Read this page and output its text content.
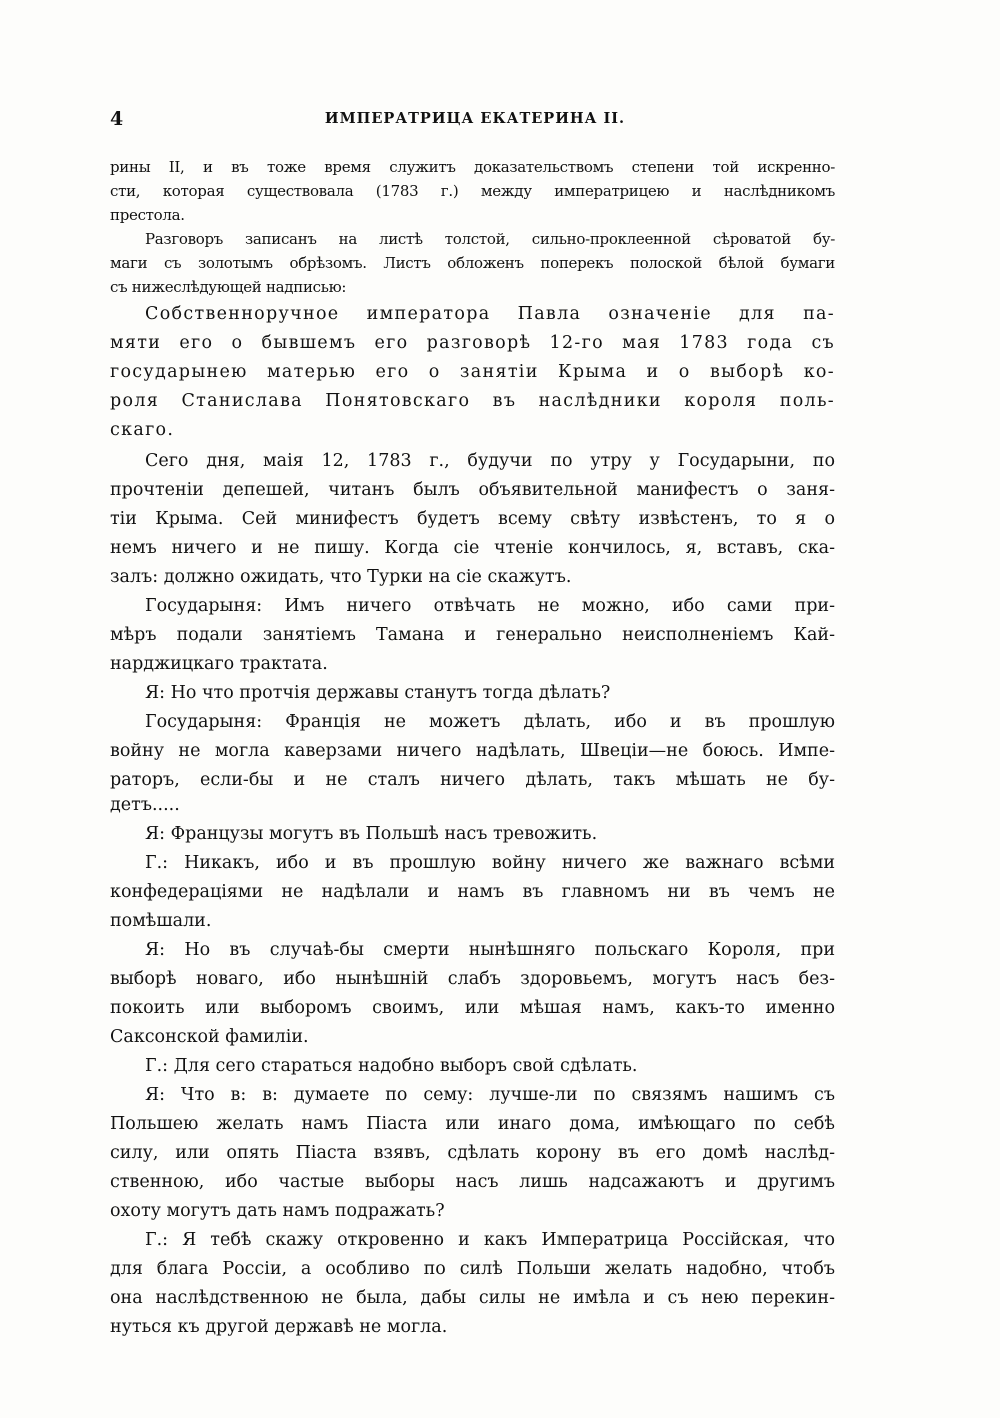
4	ИМПЕРАТРИЦА ЕКАТЕРИНА II.
рины II, и въ тоже время служитъ доказательствомъ степени той искренно-
сти, которая существовала (1783 г.) между императрицею и наслѣдникомъ
престола.
Разговоръ записанъ на листѣ толстой, сильно-проклеенной сѣроватой бу-
маги съ золотымъ обрѣзомъ. Листъ обложенъ поперекъ полоской бѣлой бумаги
съ нижеслѣдующей надписью:
Собственноручное императора Павла означеніе для па-
мяти его о бывшемъ его разговорѣ 12-го мая 1783 года съ
государынею матерью его о занятіи Крыма и о выборѣ ко-
роля Станислава Понятовскаго въ наслѣдники короля поль-
скаго.
Сего дня, маія 12, 1783 г., будучи по утру у Государыни, по
прочтеніи депешей, читанъ былъ объявительной манифестъ о заня-
тіи Крыма. Сей минифестъ будетъ всему свѣту извѣстенъ, то я о
немъ ничего и не пишу. Когда сіе чтеніе кончилось, я, вставъ, ска-
залъ: должно ожидать, что Турки на сіе скажутъ.
Государыня: Имъ ничего отвѣчать не можно, ибо сами при-
мѣръ подали занятіемъ Тамана и генерально неисполненіемъ Кай-
нарджицкаго трактата.
Я: Но что протчія державы станутъ тогда дѣлать?
Государыня: Франція не можетъ дѣлать, ибо и въ прошлую
войну не могла каверзами ничего надѣлать, Швеціи—не боюсь. Импе-
раторъ, если-бы и не сталъ ничего дѣлать, такъ мѣшать не бу-
детъ.....
Я: Французы могутъ въ Польшѣ насъ тревожить.
Г.: Никакъ, ибо и въ прошлую войну ничего же важнаго всѣми
конфедераціями не надѣлали и намъ въ главномъ ни въ чемъ не
помѣшали.
Я: Но въ случаѣ-бы смерти нынѣшняго польскаго Короля, при
выборѣ новаго, ибо нынѣшній слабъ здоровьемъ, могутъ насъ без-
покоить или выборомъ своимъ, или мѣшая намъ, какъ-то именно
Саксонской фамиліи.
Г.: Для сего стараться надобно выборъ свой сдѣлать.
Я: Что в: в: думаете по сему: лучше-ли по связямъ нашимъ съ
Польшею желать намъ Піаста или инаго дома, имѣющаго по себѣ
силу, или опять Піаста взявъ, сдѣлать корону въ его домѣ наслѣд-
ственною, ибо частые выборы насъ лишь надсажаютъ и другимъ
охоту могутъ дать намъ подражать?
Г.: Я тебѣ скажу откровенно и какъ Императрица Россійская, что
для блага Россіи, а особливо по силѣ Польши желать надобно, чтобъ
она наслѣдственною не была, дабы силы не имѣла и съ нею перекин-
нуться къ другой державѣ не могла.
